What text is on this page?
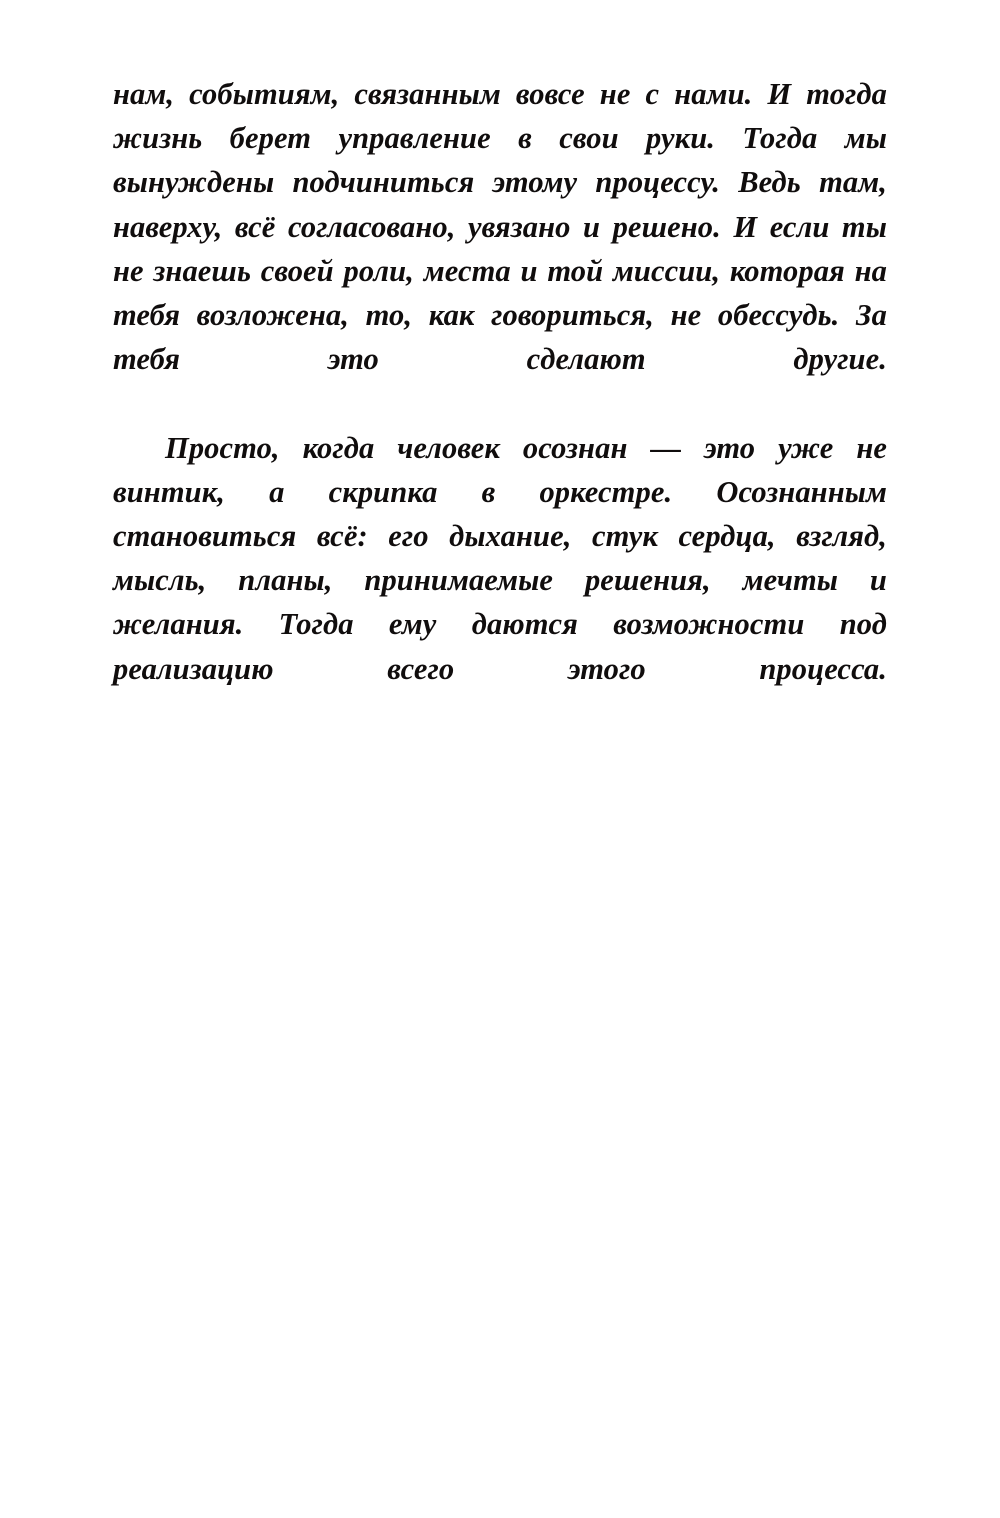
нам, событиям, связанным вовсе не с нами. И тогда жизнь берет управление в свои руки. Тогда мы вынуждены подчиниться этому процессу. Ведь там, наверху, всё согласовано, увязано и решено. И если ты не знаешь своей роли, места и той миссии, которая на тебя возложена, то, как говориться, не обессудь. За тебя это сделают другие.

Просто, когда человек осознан — это уже не винтик, а скрипка в оркестре. Осознанным становиться всё: его дыхание, стук сердца, взгляд, мысль, планы, принимаемые решения, мечты и желания. Тогда ему даются возможности под реализацию всего этого процесса.
